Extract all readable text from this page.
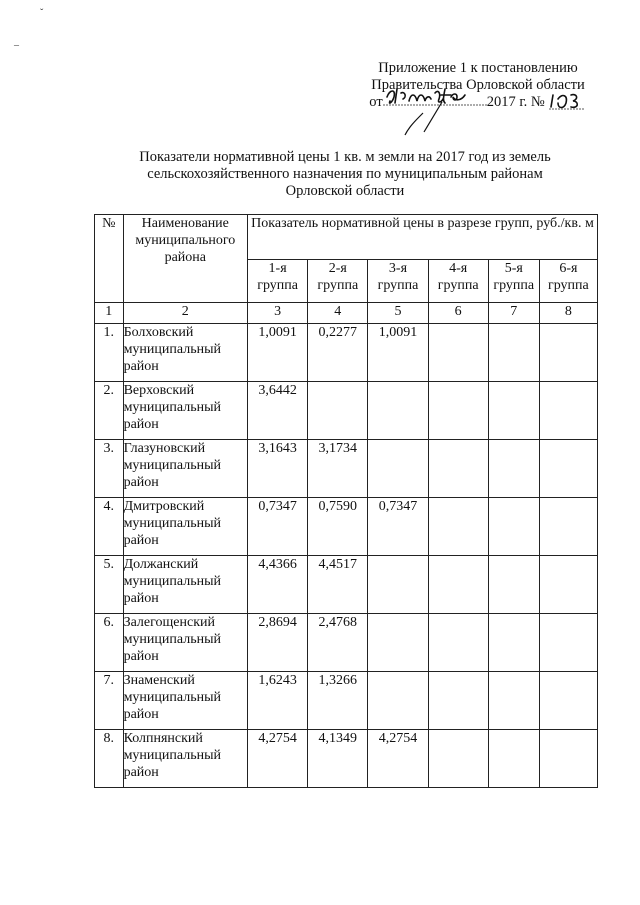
ˇ
–
Приложение 1 к постановлению
Правительства Орловской области
от	2017 г. №
Показатели нормативной цены 1 кв. м земли на 2017 год из земель
сельскохозяйственного назначения по муниципальным районам
Орловской области
№	Наименование муниципального района	Показатель нормативной цены в разрезе групп, руб./кв. м					
		1-я группа	2-я группа	3-я группа	4-я группа	5-я группа	6-я группа
1	2	3	4	5	6	7	8
1.	Болховский муниципальный район	1,0091	0,2277	1,0091			
2.	Верховский муниципальный район	3,6442					
3.	Глазуновский муниципальный район	3,1643	3,1734				
4.	Дмитровский муниципальный район	0,7347	0,7590	0,7347			
5.	Должанский муниципальный район	4,4366	4,4517				
6.	Залегощенский муниципальный район	2,8694	2,4768				
7.	Знаменский муниципальный район	1,6243	1,3266				
8.	Колпнянский муниципальный район	4,2754	4,1349	4,2754			
